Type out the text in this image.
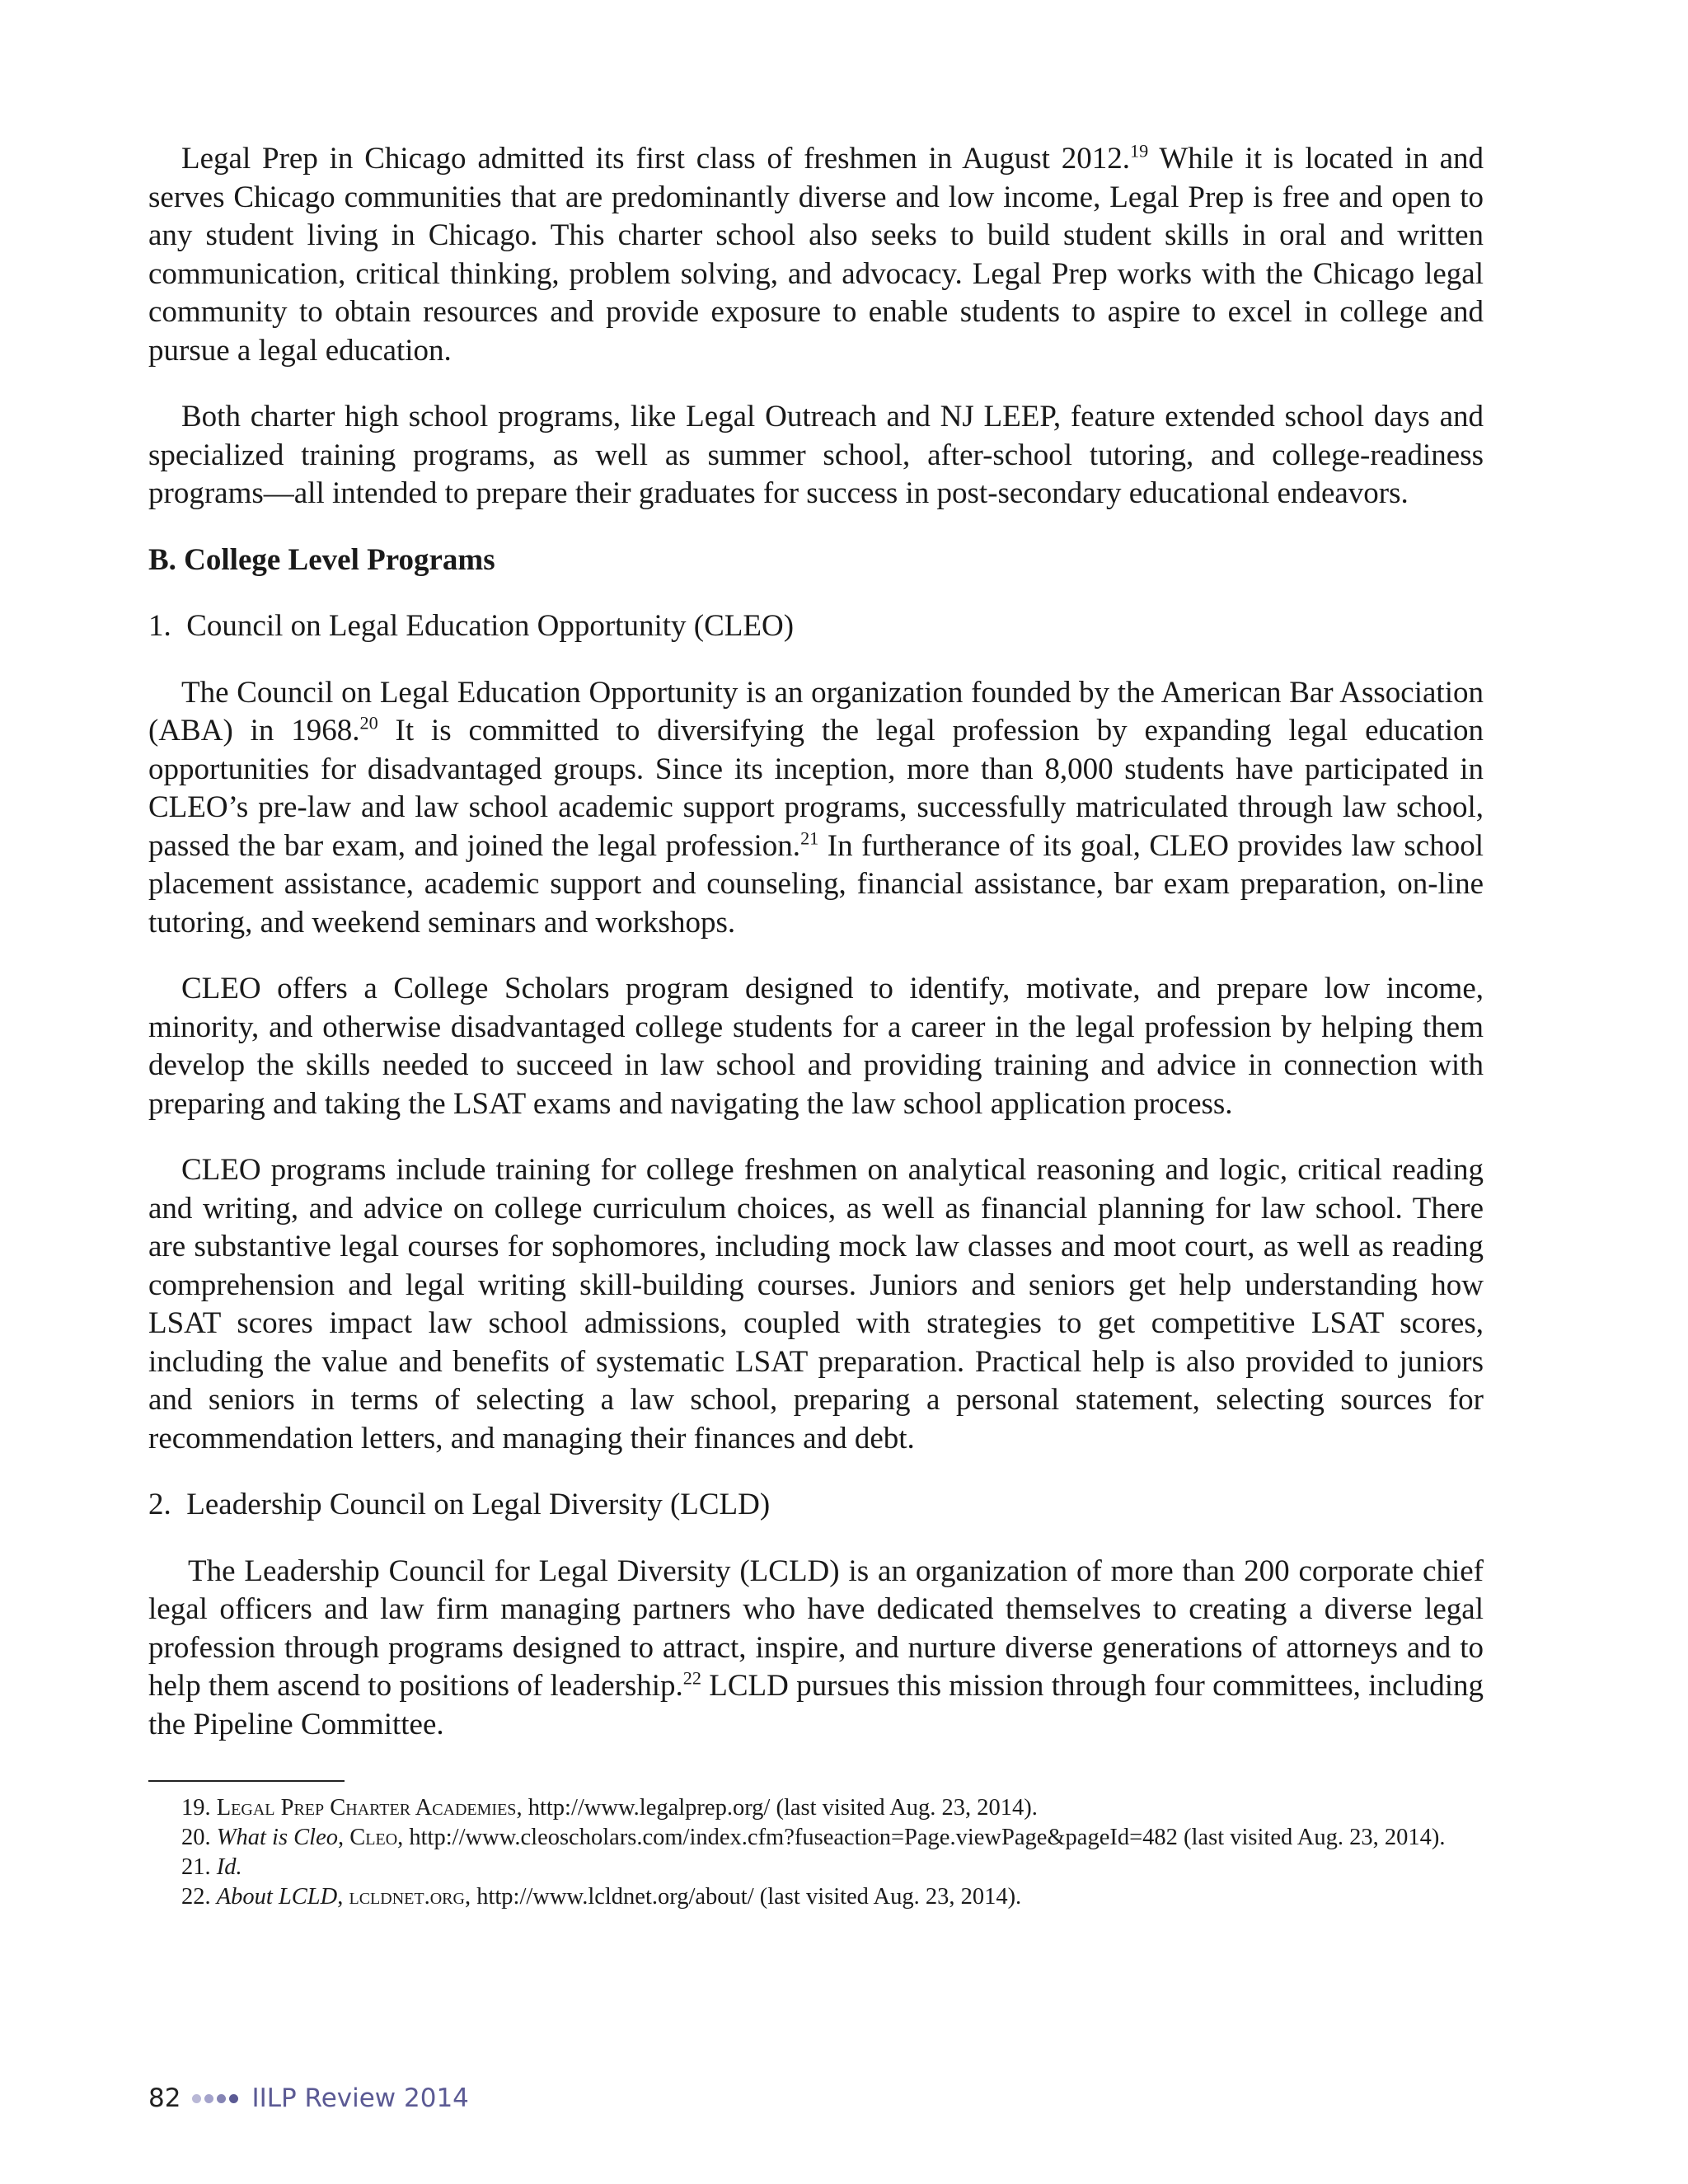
Legal Prep in Chicago admitted its first class of freshmen in August 2012.19 While it is located in and serves Chicago communities that are predominantly diverse and low income, Legal Prep is free and open to any student living in Chicago. This charter school also seeks to build student skills in oral and written communication, critical thinking, problem solving, and advocacy. Legal Prep works with the Chicago legal community to obtain resources and provide exposure to enable students to aspire to excel in college and pursue a legal education.

Both charter high school programs, like Legal Outreach and NJ LEEP, feature extended school days and specialized training programs, as well as summer school, after-school tutoring, and college-readiness programs—all intended to prepare their graduates for success in post-secondary educational endeavors.

B. College Level Programs

1. Council on Legal Education Opportunity (CLEO)

The Council on Legal Education Opportunity is an organization founded by the American Bar Association (ABA) in 1968.20 It is committed to diversifying the legal profession by expanding legal education opportunities for disadvantaged groups. Since its inception, more than 8,000 students have participated in CLEO’s pre-law and law school academic support programs, successfully matriculated through law school, passed the bar exam, and joined the legal profession.$^{21}$ In furtherance of its goal, CLEO provides law school placement assistance, academic support and counseling, financial assistance, bar exam preparation, on-line tutoring, and weekend seminars and workshops.

CLEO offers a College Scholars program designed to identify, motivate, and prepare low income, minority, and otherwise disadvantaged college students for a career in the legal profession by helping them develop the skills needed to succeed in law school and providing training and advice in connection with preparing and taking the LSAT exams and navigating the law school application process.

CLEO programs include training for college freshmen on analytical reasoning and logic, critical reading and writing, and advice on college curriculum choices, as well as financial planning for law school. There are substantive legal courses for sophomores, including mock law classes and moot court, as well as reading comprehension and legal writing skill-building courses. Juniors and seniors get help understanding how LSAT scores impact law school admissions, coupled with strategies to get competitive LSAT scores, including the value and benefits of systematic LSAT preparation. Practical help is also provided to juniors and seniors in terms of selecting a law school, preparing a personal statement, selecting sources for recommendation letters, and managing their finances and debt.

2. Leadership Council on Legal Diversity (LCLD)

The Leadership Council for Legal Diversity (LCLD) is an organization of more than 200 corporate chief legal officers and law firm managing partners who have dedicated themselves to creating a diverse legal profession through programs designed to attract, inspire, and nurture diverse generations of attorneys and to help them ascend to positions of leadership.$^{22}$ LCLD pursues this mission through four committees, including the Pipeline Committee.

19. Legal Prep Charter Academies, http://www.legalprep.org/ (last visited Aug. 23, 2014).

20. What is Cleo, Cleo, http://www.cleoscholars.com/index.cfm?fuseaction=Page.viewPage&pageId=482 (last visited Aug. 23, 2014).

21. Id.

22. About LCLD, lcldnet.org, http://www.lcldnet.org/about/ (last visited Aug. 23, 2014).

82	IILP Review 2014
